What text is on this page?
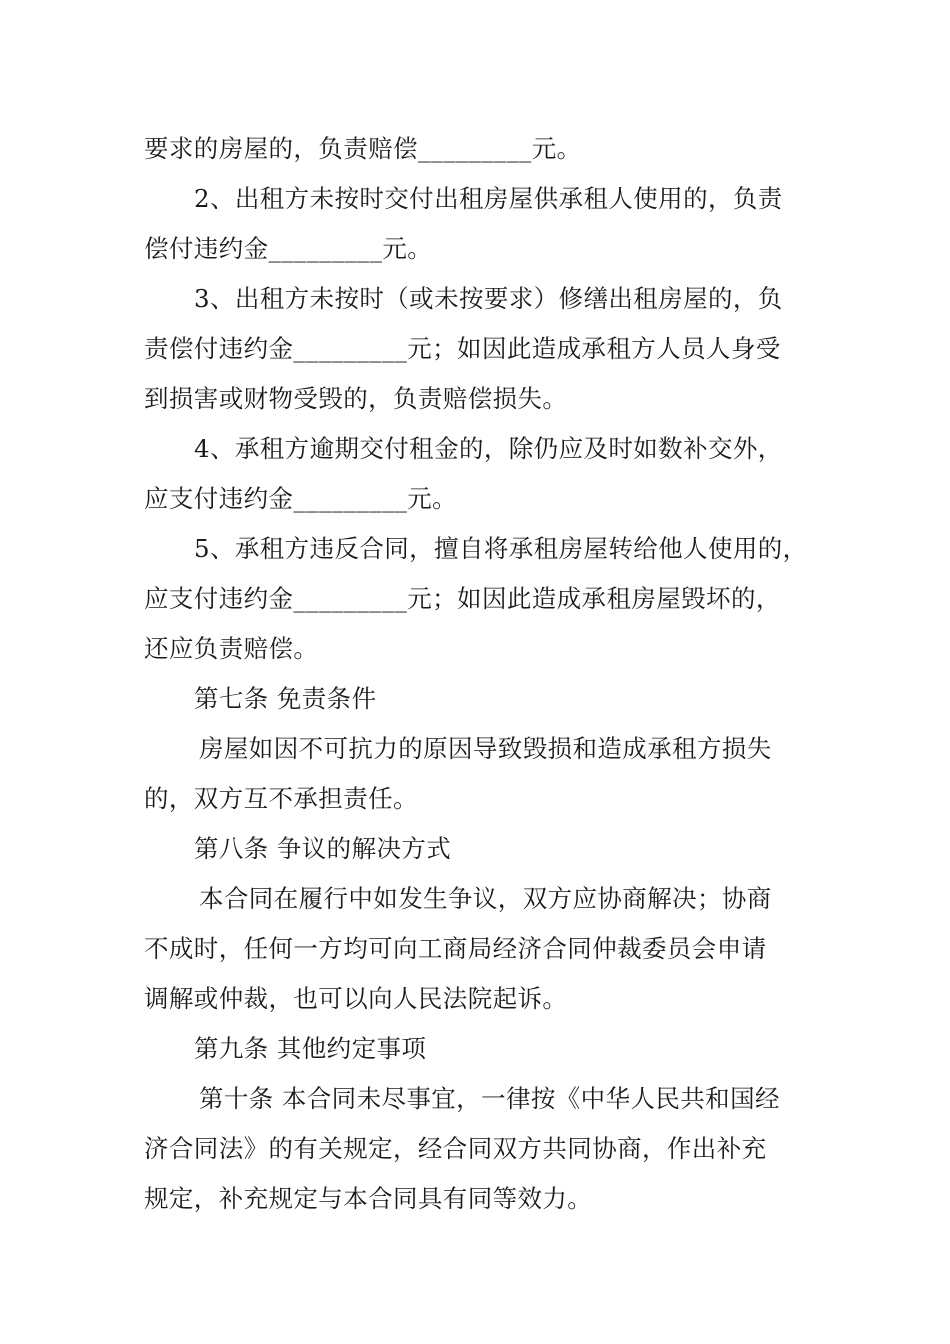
要求的房屋的，负责赔偿_________元。
2、出租方未按时交付出租房屋供承租人使用的，负责
偿付违约金_________元。
3、出租方未按时（或未按要求）修缮出租房屋的，负
责偿付违约金_________元；如因此造成承租方人员人身受
到损害或财物受毁的，负责赔偿损失。
4、承租方逾期交付租金的，除仍应及时如数补交外，
应支付违约金_________元。
5、承租方违反合同，擅自将承租房屋转给他人使用的，
应支付违约金_________元；如因此造成承租房屋毁坏的，
还应负责赔偿。
第七条 免责条件
房屋如因不可抗力的原因导致毁损和造成承租方损失
的，双方互不承担责任。
第八条 争议的解决方式
本合同在履行中如发生争议，双方应协商解决；协商
不成时，任何一方均可向工商局经济合同仲裁委员会申请
调解或仲裁，也可以向人民法院起诉。
第九条 其他约定事项
第十条 本合同未尽事宜，一律按《中华人民共和国经
济合同法》的有关规定，经合同双方共同协商，作出补充
规定，补充规定与本合同具有同等效力。
